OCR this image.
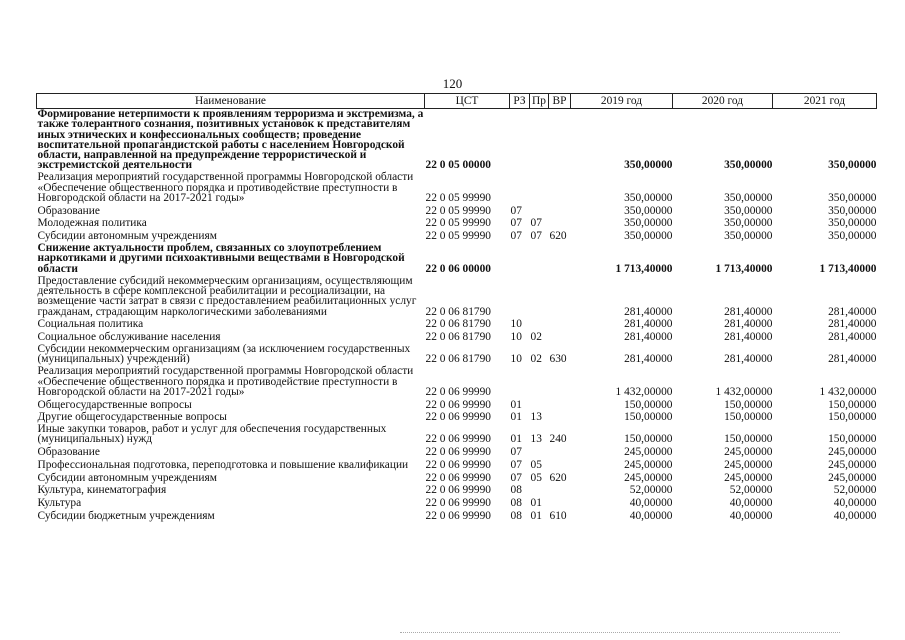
120
Наименование	ЦСТ	РЗ	Пр	ВР	2019 год	2020 год	2021 год
Формирование нетерпимости к проявлениям терроризма и экстремизма, а также толерантного сознания, позитивных установок к представителям иных этнических и конфессиональных сообществ; проведение воспитательной пропагандистской работы с населением Новгородской области, направленной на предупреждение террористической и экстремистской деятельности	22 0 05 00000				350,00000	350,00000	350,00000
Реализация мероприятий государственной программы Новгородской области «Обеспечение общественного порядка и противодействие преступности в Новгородской области на 2017-2021 годы»	22 0 05 99990				350,00000	350,00000	350,00000
Образование	22 0 05 99990	07			350,00000	350,00000	350,00000
Молодежная политика	22 0 05 99990	07	07		350,00000	350,00000	350,00000
Субсидии автономным учреждениям	22 0 05 99990	07	07	620	350,00000	350,00000	350,00000
Снижение актуальности проблем, связанных со злоупотреблением наркотиками и другими психоактивными веществами в Новгородской области	22 0 06 00000				1 713,40000	1 713,40000	1 713,40000
Предоставление субсидий некоммерческим организациям, осуществляющим деятельность в сфере комплексной реабилитации и ресоциализации, на возмещение части затрат в связи с предоставлением реабилитационных услуг гражданам, страдающим наркологическими заболеваниями	22 0 06 81790				281,40000	281,40000	281,40000
Социальная политика	22 0 06 81790	10			281,40000	281,40000	281,40000
Социальное обслуживание населения	22 0 06 81790	10	02		281,40000	281,40000	281,40000
Субсидии некоммерческим организациям (за исключением государственных (муниципальных) учреждений)	22 0 06 81790	10	02	630	281,40000	281,40000	281,40000
Реализация мероприятий государственной программы Новгородской области «Обеспечение общественного порядка и противодействие преступности в Новгородской области на 2017-2021 годы»	22 0 06 99990				1 432,00000	1 432,00000	1 432,00000
Общегосударственные вопросы	22 0 06 99990	01			150,00000	150,00000	150,00000
Другие общегосударственные вопросы	22 0 06 99990	01	13		150,00000	150,00000	150,00000
Иные закупки товаров, работ и услуг для обеспечения государственных (муниципальных) нужд	22 0 06 99990	01	13	240	150,00000	150,00000	150,00000
Образование	22 0 06 99990	07			245,00000	245,00000	245,00000
Профессиональная подготовка, переподготовка и повышение квалификации	22 0 06 99990	07	05		245,00000	245,00000	245,00000
Субсидии автономным учреждениям	22 0 06 99990	07	05	620	245,00000	245,00000	245,00000
Культура, кинематография	22 0 06 99990	08			52,00000	52,00000	52,00000
Культура	22 0 06 99990	08	01		40,00000	40,00000	40,00000
Субсидии бюджетным учреждениям	22 0 06 99990	08	01	610	40,00000	40,00000	40,00000
